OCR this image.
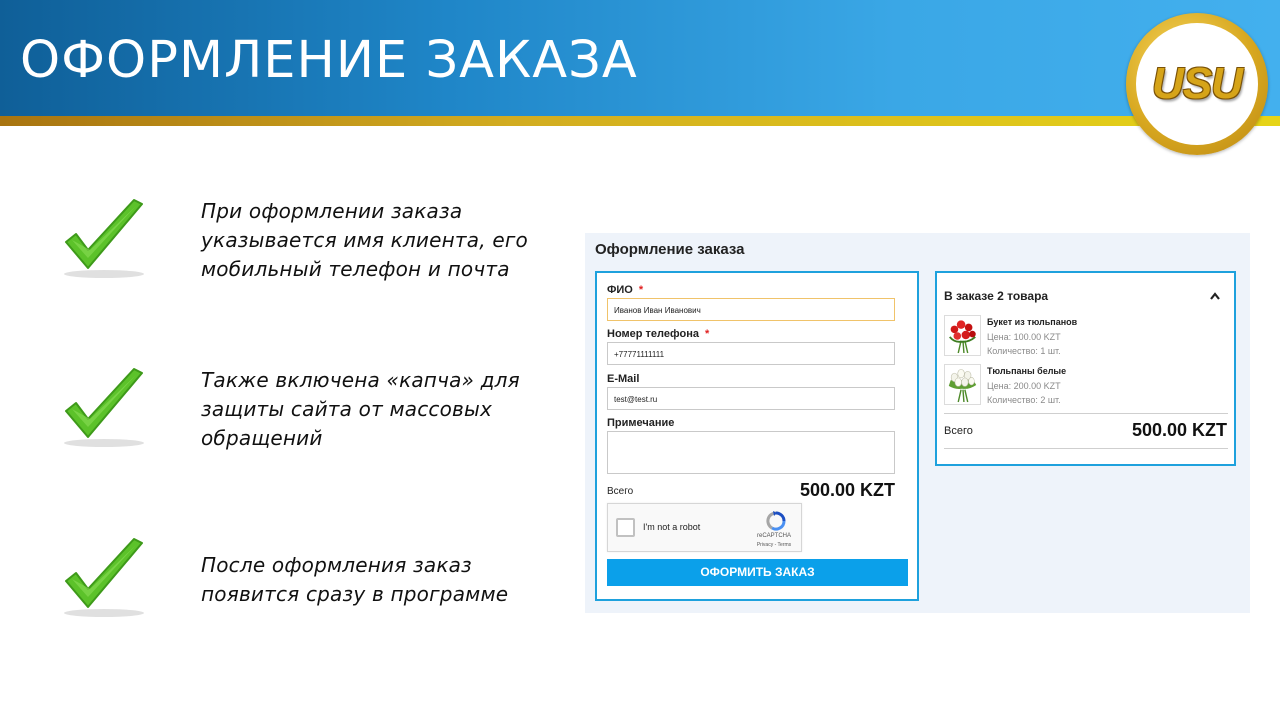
ОФОРМЛЕНИЕ ЗАКАЗА	USU
При оформлении заказа указывается имя клиента, его мобильный телефон и почта
Также включена «капча» для защиты сайта от массовых обращений
После оформления заказ появится сразу в программе
Оформление заказа
ФИО *
Иванов Иван Иванович
Номер телефона *
+77771111111
E-Mail
test@test.ru
Примечание
Всего	500.00 KZT
I'm not a robot
reCAPTCHA
Privacy - Terms
ОФОРМИТЬ ЗАКАЗ
В заказе 2 товара
Букет из тюльпанов
Цена: 100.00 KZT
Количество: 1 шт.
Тюльпаны белые
Цена: 200.00 KZT
Количество: 2 шт.
Всего	500.00 KZT
